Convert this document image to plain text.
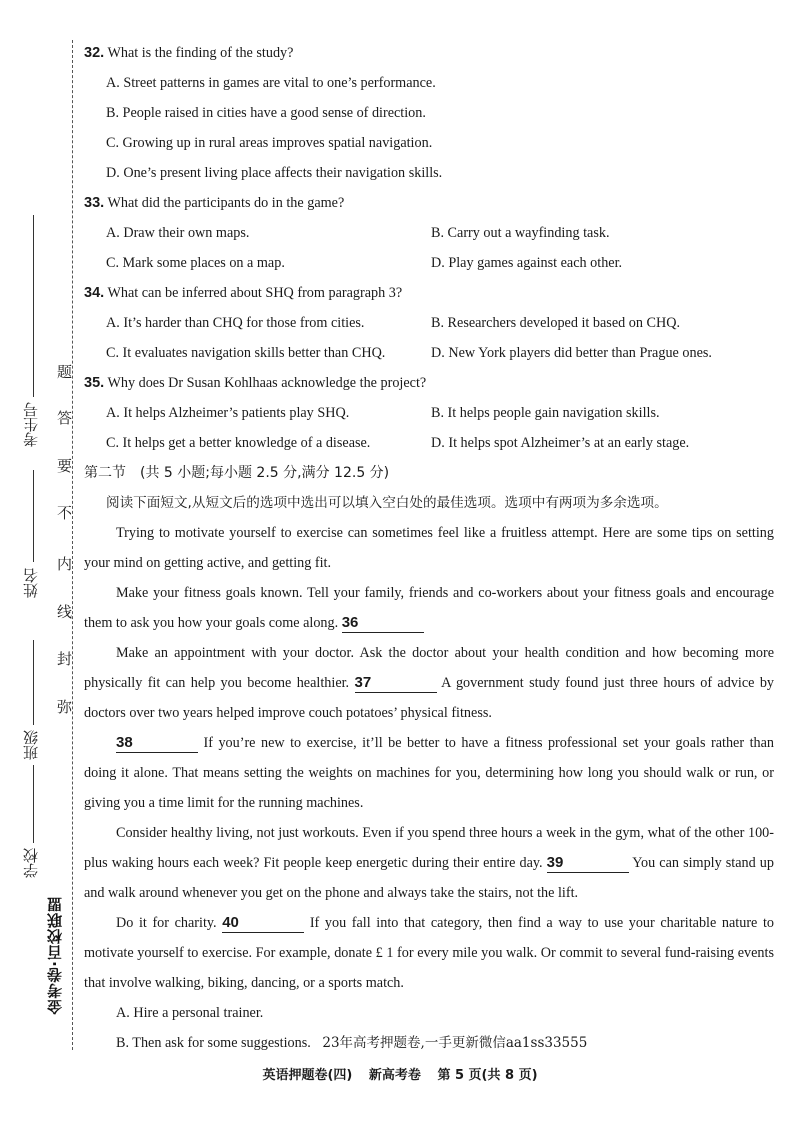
考生号
姓名
班级
学校
题
答
要
不
内
线
封
弥
金考卷·百校联盟
32. What is the finding of the study?
A. Street patterns in games are vital to one’s performance.
B. People raised in cities have a good sense of direction.
C. Growing up in rural areas improves spatial navigation.
D. One’s present living place affects their navigation skills.
33. What did the participants do in the game?
A. Draw their own maps.	B. Carry out a wayfinding task.
C. Mark some places on a map.	D. Play games against each other.
34. What can be inferred about SHQ from paragraph 3?
A. It’s harder than CHQ for those from cities.	B. Researchers developed it based on CHQ.
C. It evaluates navigation skills better than CHQ.	D. New York players did better than Prague ones.
35. Why does Dr Susan Kohlhaas acknowledge the project?
A. It helps Alzheimer’s patients play SHQ.	B. It helps people gain navigation skills.
C. It helps get a better knowledge of a disease.	D. It helps spot Alzheimer’s at an early stage.
第二节　(共 5 小题;每小题 2.5 分,满分 12.5 分)
阅读下面短文,从短文后的选项中选出可以填入空白处的最佳选项。选项中有两项为多余选项。

Trying to motivate yourself to exercise can sometimes feel like a fruitless attempt. Here are some tips on setting your mind on getting active, and getting fit.

Make your fitness goals known. Tell your family, friends and co-workers about your fitness goals and encourage them to ask you how your goals come along. 36

Make an appointment with your doctor. Ask the doctor about your health condition and how becoming more physically fit can help you become healthier. 37	A government study found just three hours of advice by doctors over two years helped improve couch potatoes’ physical fitness.

38	If you’re new to exercise, it’ll be better to have a fitness professional set your goals rather than doing it alone. That means setting the weights on machines for you, determining how long you should walk or run, or giving you a time limit for the running machines.

Consider healthy living, not just workouts. Even if you spend three hours a week in the gym, what of the other 100-plus waking hours each week? Fit people keep energetic during their entire day. 39	You can simply stand up and walk around whenever you get on the phone and always take the stairs, not the lift.

Do it for charity. 40	If you fall into that category, then find a way to use your charitable nature to motivate yourself to exercise. For example, donate £ 1 for every mile you walk. Or commit to several fund-raising events that involve walking, biking, dancing, or a sports match.

A. Hire a personal trainer.
B. Then ask for some suggestions. 23年高考押题卷,一手更新微信aa1ss33555
英语押题卷(四) 新高考卷 第 5 页(共 8 页)
